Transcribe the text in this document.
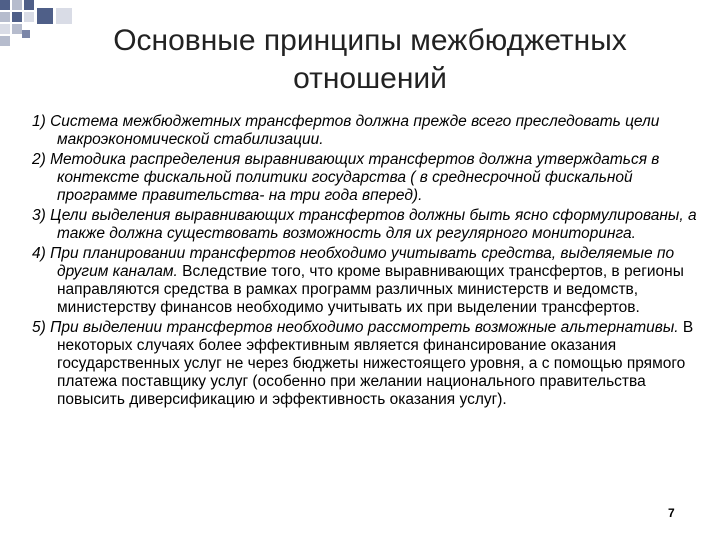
Основные принципы межбюджетных
отношений

1) Система межбюджетных трансфертов должна прежде всего преследовать цели макроэкономической стабилизации.

2) Методика распределения выравнивающих трансфертов должна утверждаться в контексте фискальной политики государства ( в среднесрочной фискальной программе правительства- на три года вперед).

3) Цели выделения выравнивающих трансфертов должны быть ясно сформулированы, а также должна существовать возможность для их регулярного мониторинга.

4) При планировании трансфертов необходимо учитывать средства, выделяемые по другим каналам. Вследствие того, что кроме выравнивающих трансфертов, в регионы направляются средства в рамках программ различных министерств и ведомств, министерству финансов необходимо учитывать их при выделении трансфертов.

5) При выделении трансфертов необходимо рассмотреть возможные альтернативы. В некоторых случаях более эффективным является финансирование оказания государственных услуг не через бюджеты нижестоящего уровня, а с помощью прямого платежа поставщику услуг (особенно при желании национального правительства повысить диверсификацию и эффективность оказания услуг).

7
